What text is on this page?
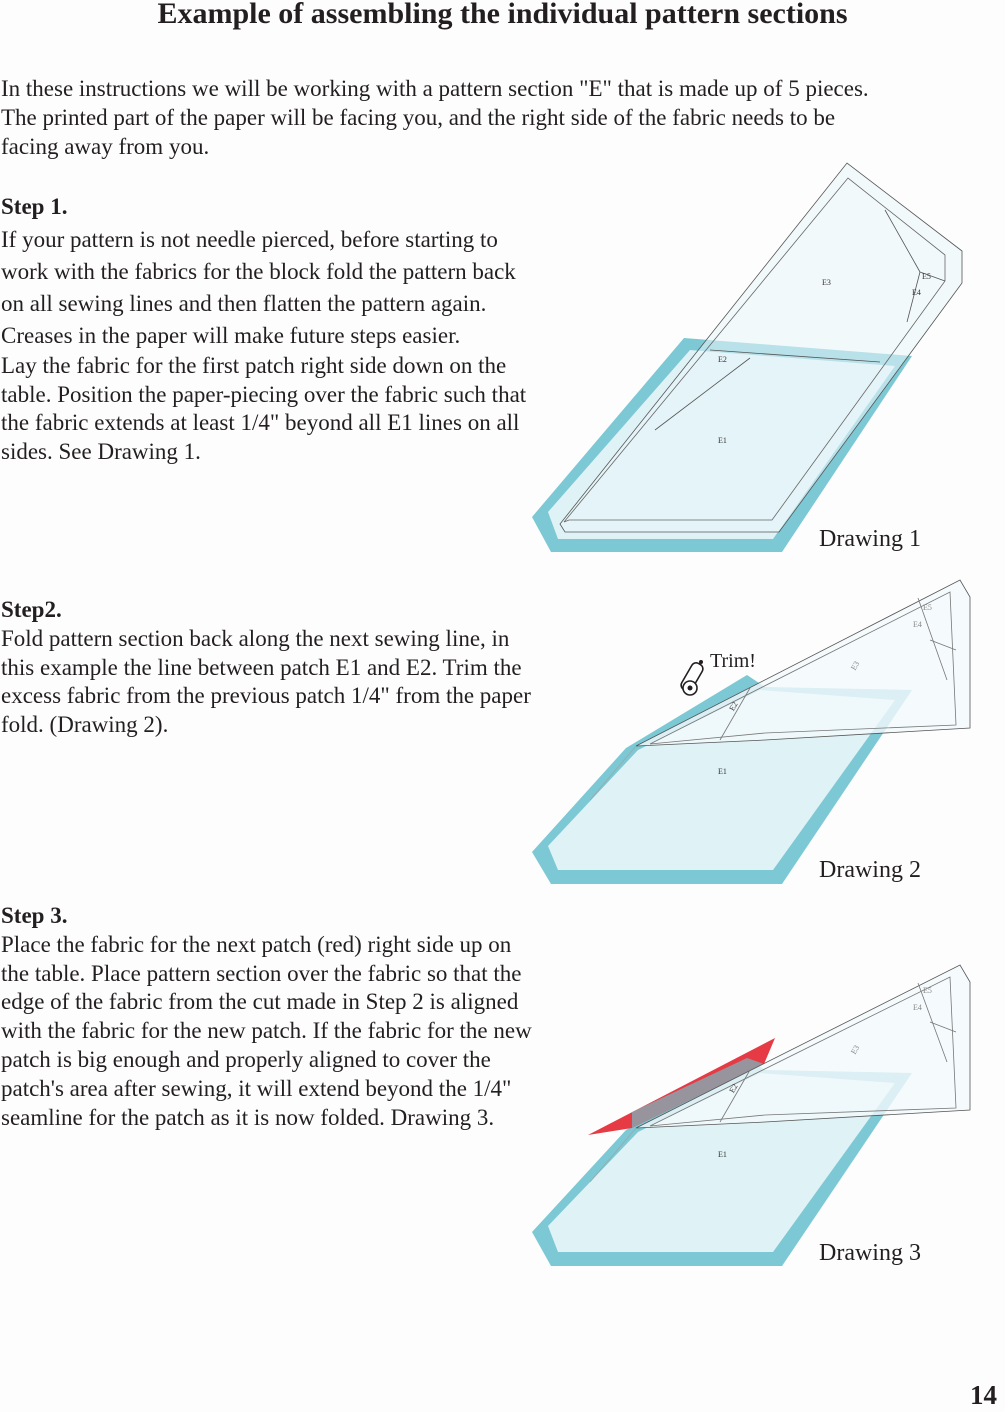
Example of assembling the individual pattern sections

In these instructions we will be working with a pattern section "E" that is made up of 5 pieces.
The printed part of the paper will be facing you, and the right side of the fabric needs to be
facing away from you.

Step 1.
If your pattern is not needle pierced, before starting to
work with the fabrics for the block fold the pattern back
on all sewing lines and then flatten the pattern again.
Creases in the paper will make future steps easier.
Lay the fabric for the first patch right side down on the
table. Position the paper-piecing over the fabric such that
the fabric extends at least 1/4" beyond all E1 lines on all
sides. See Drawing 1.
Step2.
Fold pattern section back along the next sewing line, in
this example the line between patch E1 and E2. Trim the
excess fabric from the previous patch 1/4" from the paper
fold. (Drawing 2).
Step 3.
Place the fabric for the next patch (red) right side up on
the table. Place pattern section over the fabric so that the
edge of the fabric from the cut made in Step 2 is aligned
with the fabric for the new patch. If the fabric for the new
patch is big enough and properly aligned to cover the
patch's area after sewing, it will extend beyond the 1/4"
seamline for the patch as it is now folded. Drawing 3.
E3
E5
E4
E2
E1
E3
E5
E4
E2
E1
Trim!
E3
E5
E4
E2
E1
Drawing 1
Drawing 2
Drawing 3
14
